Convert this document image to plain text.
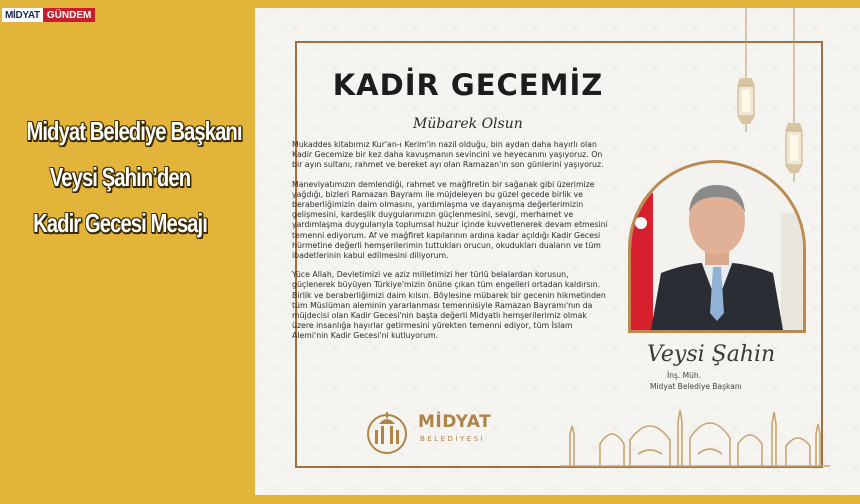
MİDYAT GÜNDEM
Midyat Belediye Başkanı
Veysi Şahin’den
Kadir Gecesi Mesajı
KADİR GECEMİZ
Mübarek Olsun

Mukaddes kitabımız Kur'an-ı Kerim'in nazil olduğu, bin aydan daha hayırlı olan Kadir Gecemize bir kez daha kavuşmanın sevincini ve heyecanını yaşıyoruz. On bir ayın sultanı, rahmet ve bereket ayı olan Ramazan'ın son günlerini yaşıyoruz.

Maneviyatımızın demlendiği, rahmet ve mağfiretin bir sağanak gibi üzerimize yağdığı, bizleri Ramazan Bayramı ile müjdeleyen bu güzel gecede birlik ve beraberliğimizin daim olmasını, yardımlaşma ve dayanışma değerlerimizin gelişmesini, kardeşlik duygularımızın güçlenmesini, sevgi, merhamet ve yardımlaşma duygularıyla toplumsal huzur içinde kuvvetlenerek devam etmesini temenni ediyorum. Af ve mağfiret kapılarının ardına kadar açıldığı Kadir Gecesi hürmetine değerli hemşerilerimin tuttukları orucun, okudukları duaların ve tüm ibadetlerinin kabul edilmesini diliyorum.

Yüce Allah, Devletimizi ve aziz milletimizi her türlü belalardan korusun, güçlenerek büyüyen Türkiye'mizin önüne çıkan tüm engelleri ortadan kaldırsın. Birlik ve beraberliğimizi daim kılsın. Böylesine mübarek bir gecenin hikmetinden tüm Müslüman aleminin yararlanması temennisiyle Ramazan Bayramı'nın da müjdecisi olan Kadir Gecesi'nin başta değerli Midyatlı hemşerilerimiz olmak üzere insanlığa hayırlar getirmesini yürekten temenni ediyor, tüm İslam Alemi'nin Kadir Gecesi'ni kutluyorum.

Veysi Şahin
İnş. Müh.
Midyat Belediye Başkanı
MİDYAT
BELEDİYESİ
